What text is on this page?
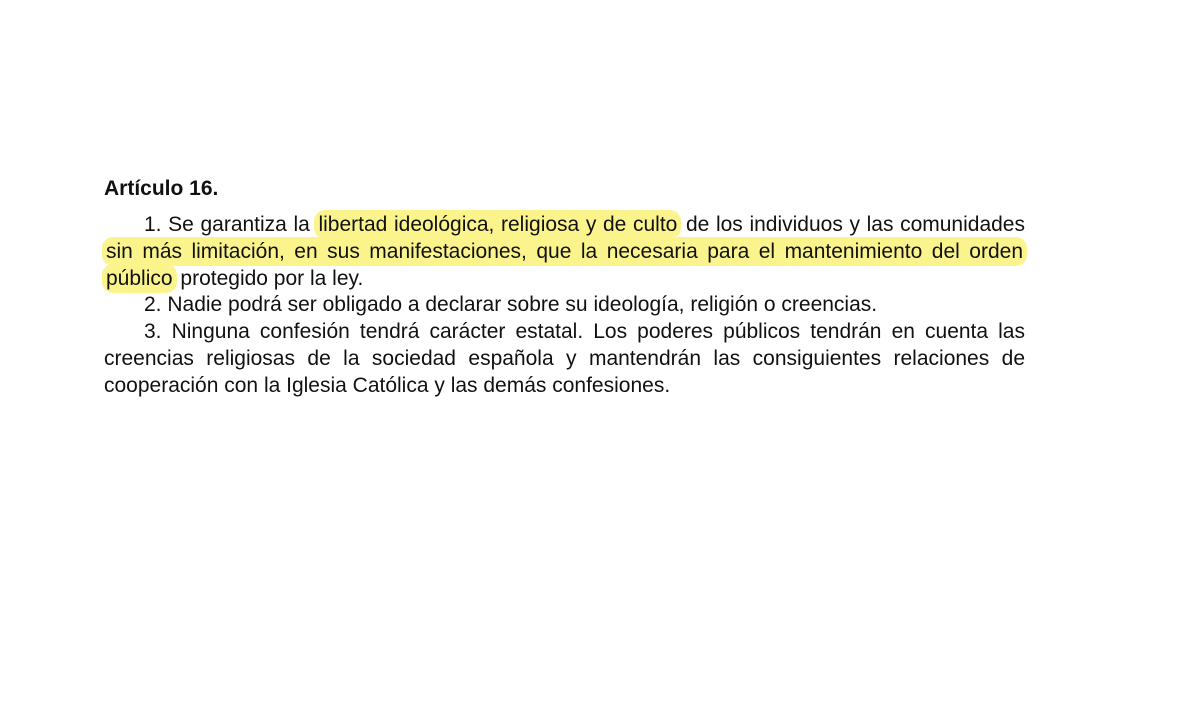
Artículo 16.

1. Se garantiza la libertad ideológica, religiosa y de culto de los individuos y las comunidades sin más limitación, en sus manifestaciones, que la necesaria para el mantenimiento del orden público protegido por la ley.

2. Nadie podrá ser obligado a declarar sobre su ideología, religión o creencias.

3. Ninguna confesión tendrá carácter estatal. Los poderes públicos tendrán en cuenta las creencias religiosas de la sociedad española y mantendrán las consiguientes relaciones de cooperación con la Iglesia Católica y las demás confesiones.
